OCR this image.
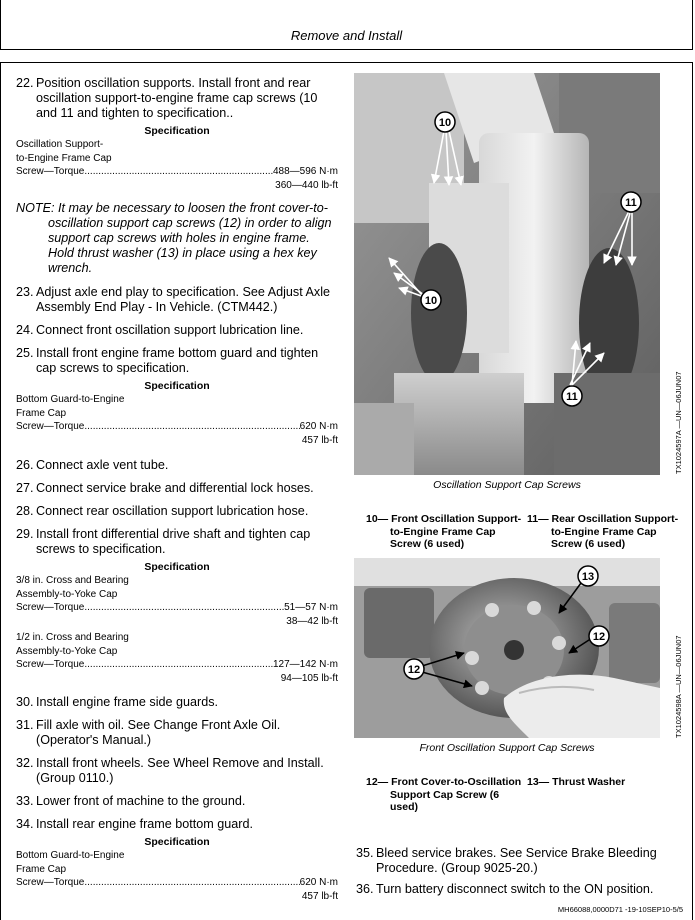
Remove and Install
22. Position oscillation supports. Install front and rear oscillation support-to-engine frame cap screws (10 and 11 and tighten to specification..
Specification
Oscillation Support-
to-Engine Frame Cap
Screw—Torque .....	488—596 N·m
360—440 lb-ft
NOTE: It may be necessary to loosen the front cover-to-oscillation support cap screws (12) in order to align support cap screws with holes in engine frame. Hold thrust washer (13) in place using a hex key wrench.
23. Adjust axle end play to specification. See Adjust Axle Assembly End Play - In Vehicle. (CTM442.)
24. Connect front oscillation support lubrication line.
25. Install front engine frame bottom guard and tighten cap screws to specification.
Specification
Bottom Guard-to-Engine
Frame Cap
Screw—Torque .....	620 N·m
457 lb-ft
26. Connect axle vent tube.
27. Connect service brake and differential lock hoses.
28. Connect rear oscillation support lubrication hose.
29. Install front differential drive shaft and tighten cap screws to specification.
Specification
3/8 in. Cross and Bearing
Assembly-to-Yoke Cap
Screw—Torque .....	51—57 N·m
38—42 lb-ft
1/2 in. Cross and Bearing
Assembly-to-Yoke Cap
Screw—Torque .....	127—142 N·m
94—105 lb-ft
30. Install engine frame side guards.
31. Fill axle with oil. See Change Front Axle Oil. (Operator's Manual.)
32. Install front wheels. See Wheel Remove and Install. (Group 0110.)
33. Lower front of machine to the ground.
34. Install rear engine frame bottom guard.
Specification
Bottom Guard-to-Engine
Frame Cap
Screw—Torque .....	620 N·m
457 lb-ft
10
11
10
11	TX1024597A —UN—06JUN07
Oscillation Support Cap Screws
10— Front Oscillation Support-to-Engine Frame Cap Screw (6 used)
11— Rear Oscillation Support-to-Engine Frame Cap Screw (6 used)
13
12
12	TX1024598A —UN—06JUN07
Front Oscillation Support Cap Screws
12— Front Cover-to-Oscillation Support Cap Screw (6 used)
13— Thrust Washer
35. Bleed service brakes. See Service Brake Bleeding Procedure. (Group 9025-20.)
36. Turn battery disconnect switch to the ON position.
MH66088,0000D71 -19-10SEP10-5/5
